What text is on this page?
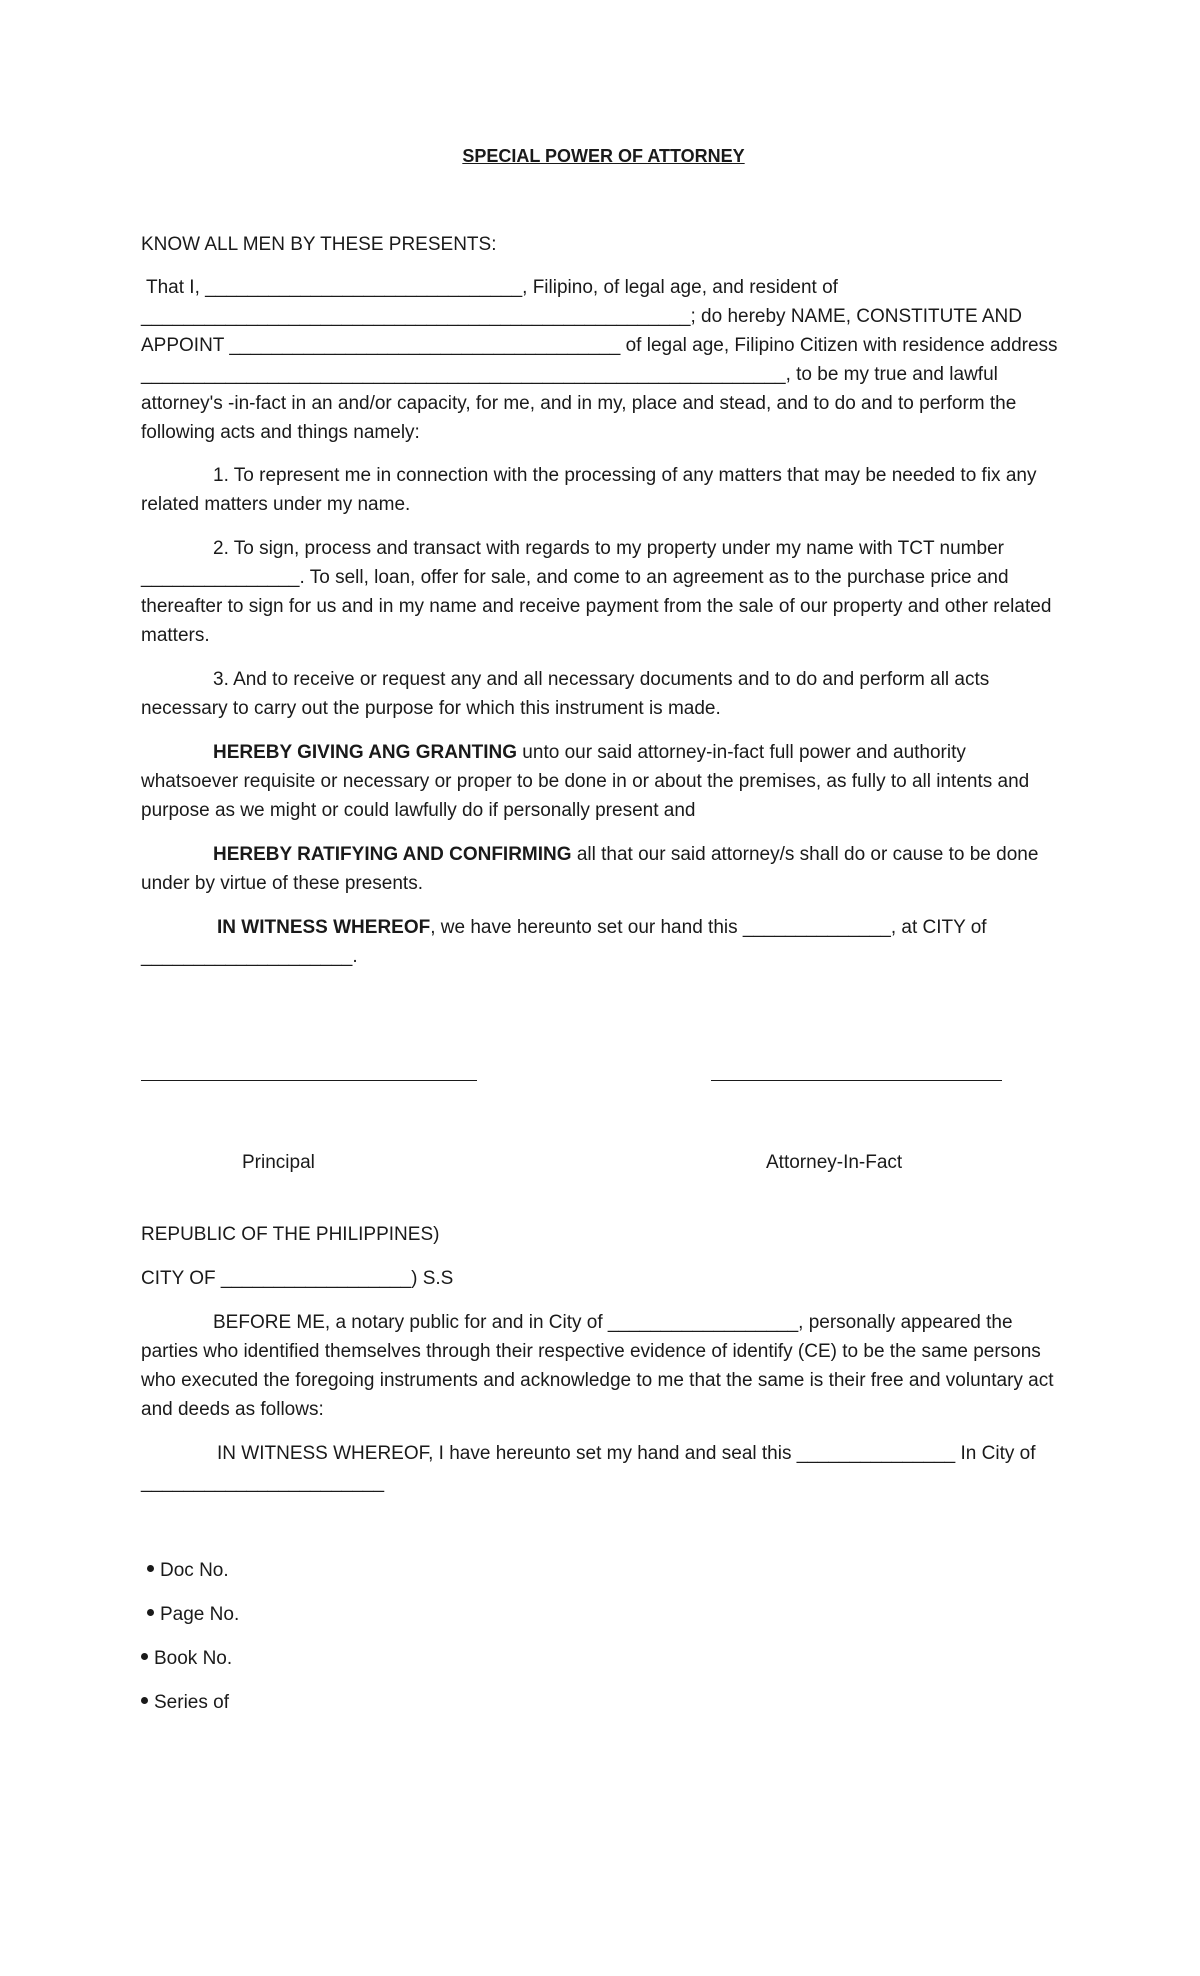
SPECIAL POWER OF ATTORNEY
KNOW ALL MEN BY THESE PRESENTS:

That I, ______________________________, Filipino, of legal age, and resident of ____________________________________________________; do hereby NAME, CONSTITUTE AND APPOINT _____________________________________ of legal age, Filipino Citizen with residence address _____________________________________________________________, to be my true and lawful attorney's -in-fact in an and/or capacity, for me, and in my, place and stead, and to do and to perform the following acts and things namely:

1. To represent me in connection with the processing of any matters that may be needed to fix any related matters under my name.

2. To sign, process and transact with regards to my property under my name with TCT number _______________. To sell, loan, offer for sale, and come to an agreement as to the purchase price and thereafter to sign for us and in my name and receive payment from the sale of our property and other related matters.

3. And to receive or request any and all necessary documents and to do and perform all acts necessary to carry out the purpose for which this instrument is made.

HEREBY GIVING ANG GRANTING unto our said attorney-in-fact full power and authority whatsoever requisite or necessary or proper to be done in or about the premises, as fully to all intents and purpose as we might or could lawfully do if personally present and

HEREBY RATIFYING AND CONFIRMING all that our said attorney/s shall do or cause to be done under by virtue of these presents.

IN WITNESS WHEREOF, we have hereunto set our hand this ______________, at CITY of ____________________.

Principal	Attorney-In-Fact
REPUBLIC OF THE PHILIPPINES)
CITY OF __________________) S.S

BEFORE ME, a notary public for and in City of __________________, personally appeared the parties who identified themselves through their respective evidence of identify (CE) to be the same persons who executed the foregoing instruments and acknowledge to me that the same is their free and voluntary act and deeds as follows:

IN WITNESS WHEREOF, I have hereunto set my hand and seal this _______________ In City of _______________________

Doc No.
Page No.
Book No.
Series of
